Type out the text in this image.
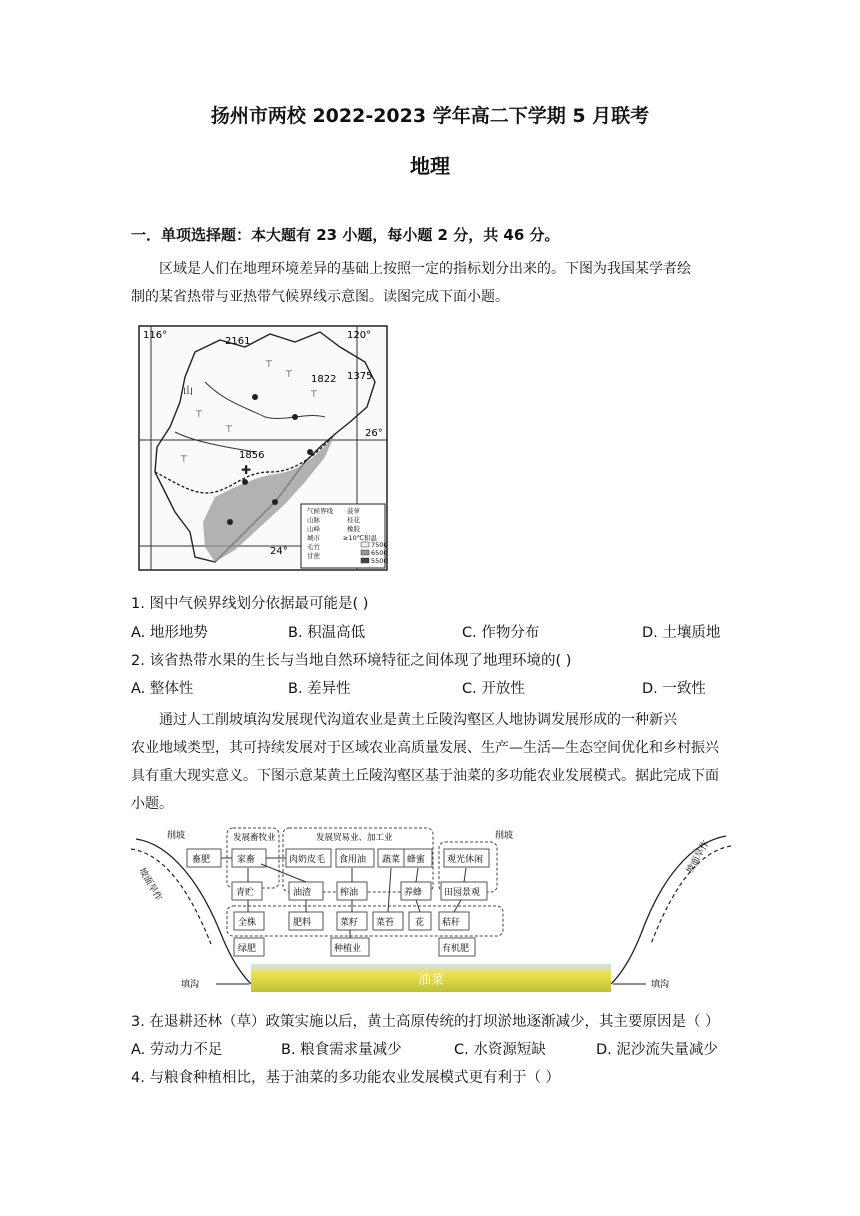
扬州市两校 2022-2023 学年高二下学期 5 月联考
地理
一．单项选择题：本大题有 23 小题，每小题 2 分，共 46 分。
区域是人们在地理环境差异的基础上按照一定的指标划分出来的。下图为我国某学者绘
制的某省热带与亚热带气候界线示意图。读图完成下面小题。
116°	120°
26°
24°
2161
1822 1375
1856
山
⊤
⊤
⊤
⊤
⊤
⊤
✚
气候界线
山脉
山峰
城市
毛竹
甘蔗
菠萝
桂花
橡胶
≥10℃积温
7500
6500
5500
1. 图中气候界线划分依据最可能是( )
A. 地形地势	B. 积温高低	C. 作物分布	D. 土壤质地
2. 该省热带水果的生长与当地自然环境特征之间体现了地理环境的( )
A. 整体性	B. 差异性	C. 开放性	D. 一致性
通过人工削坡填沟发展现代沟道农业是黄土丘陵沟壑区人地协调发展形成的一种新兴
农业地域类型，其可持续发展对于区域农业高质量发展、生产—生活—生态空间优化和乡村振兴
具有重大现实意义。下图示意某黄土丘陵沟壑区基于油菜的多功能农业发展模式。据此完成下面
小题。
削坡	削坡
坡面旱作
坡面旱作
发展畜牧业	发展贸易业、加工业
畜肥	家畜	肉奶皮毛 食用油 蔬菜 蜂蜜 观光休闲
青贮	油渣	榨油	养蜂 田园景观
全株	肥料	菜籽 菜苔 花 秸秆
绿肥	种植业	有机肥
油菜
填沟	填沟
3. 在退耕还林（草）政策实施以后，黄土高原传统的打坝淤地逐渐减少，其主要原因是（ ）
A. 劳动力不足	B. 粮食需求量减少	C. 水资源短缺	D. 泥沙流失量减少
4. 与粮食种植相比，基于油菜的多功能农业发展模式更有利于（ ）
